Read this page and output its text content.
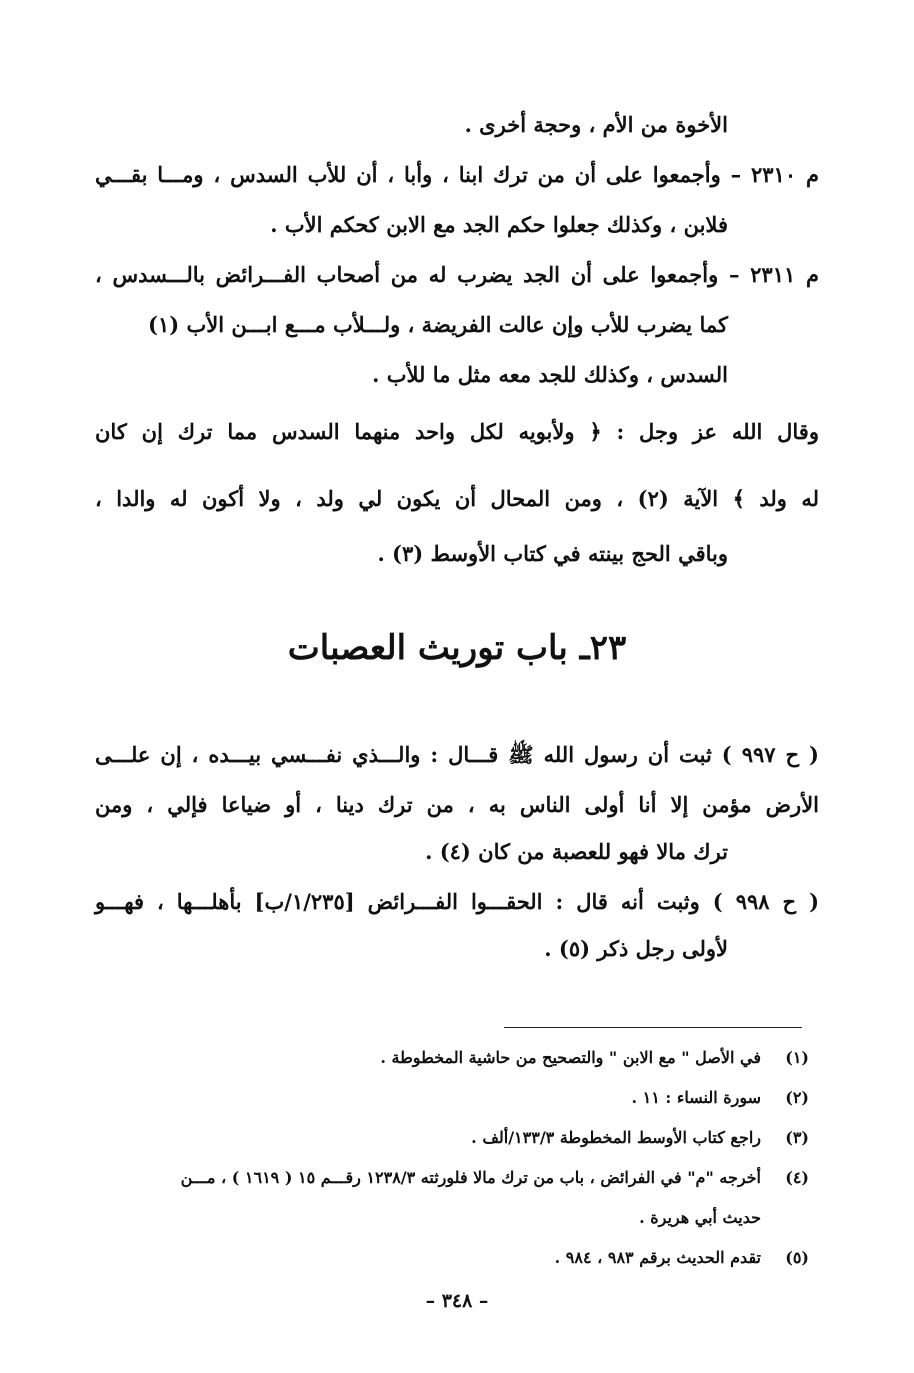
الأخوة من الأم ، وحجة أخرى .
م ٢٣١٠ – وأجمعوا على أن من ترك ابنا ، وأبا ، أن للأب السدس ، ومـــا بقـــي
فلابن ، وكذلك جعلوا حكم الجد مع الابن كحكم الأب .
م ٢٣١١ – وأجمعوا على أن الجد يضرب له من أصحاب الفـــرائض بالـــسدس ،
كما يضرب للأب وإن عالت الفريضة ، ولـــلأب مـــع ابـــن الأب (١)
السدس ، وكذلك للجد معه مثل ما للأب .
وقال الله عز وجل : ﴿ ولأبويه لكل واحد منهما السدس مما ترك إن كان
له ولد ﴾ الآية (٢) ، ومن المحال أن يكون لي ولد ، ولا أكون له والدا ،
وباقي الحج بينته في كتاب الأوسط (٣) .
٢٣ـ باب توريث العصبات
( ح ٩٩٧ ) ثبت أن رسول الله ﷺ قـــال : والـــذي نفـــسي بيـــده ، إن علـــى
الأرض مؤمن إلا أنا أولى الناس به ، من ترك دينا ، أو ضياعا فإلي ، ومن
ترك مالا فهو للعصبة من كان (٤) .
( ح ٩٩٨ ) وثبت أنه قال : الحقـــوا الفـــرائض [١/٢٣٥/ب] بأهلـــها ، فهـــو
لأولى رجل ذكر (٥) .
(١)في الأصل " مع الابن " والتصحيح من حاشية المخطوطة .
(٢)سورة النساء : ١١ .
(٣)راجع كتاب الأوسط المخطوطة ١٣٣/٣/ألف .
(٤)أخرجه "م" في الفرائض ، باب من ترك مالا فلورثته ١٢٣٨/٣ رقـــم ١٥ ( ١٦١٩ ) ، مـــن
حديث أبي هريرة .
(٥)تقدم الحديث برقم ٩٨٣ ، ٩٨٤ .
– ٣٤٨ –
